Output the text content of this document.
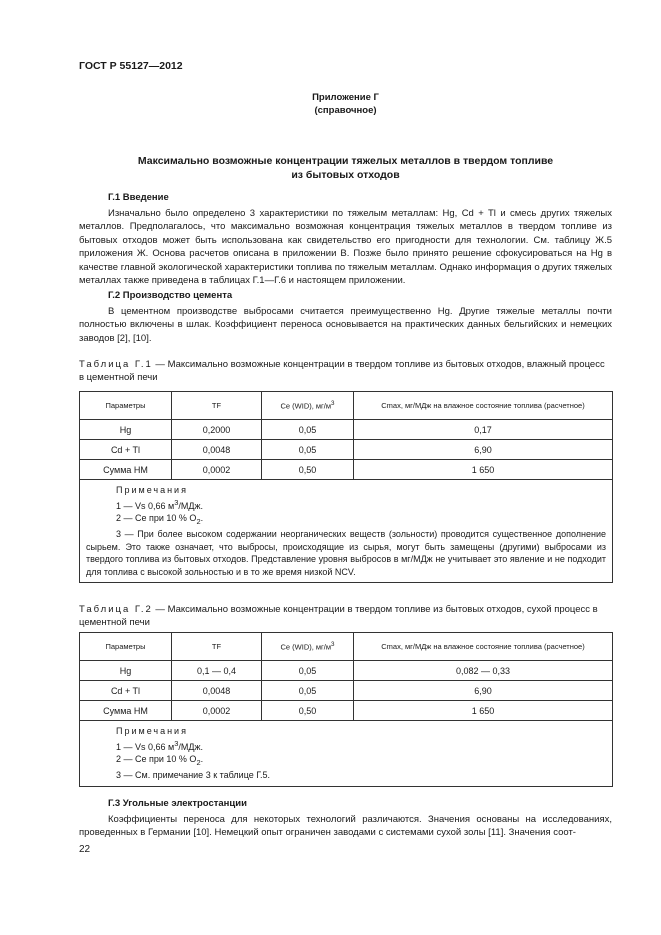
ГОСТ Р 55127—2012
Приложение Г
(справочное)
Максимально возможные концентрации тяжелых металлов в твердом топливе
из бытовых отходов
Г.1 Введение
Изначально было определено 3 характеристики по тяжелым металлам: Hg, Cd + Tl и смесь других тяжелых металлов. Предполагалось, что максимально возможная концентрация тяжелых металлов в твердом топливе из бытовых отходов может быть использована как свидетельство его пригодности для технологии. См. таблицу Ж.5 приложения Ж. Основа расчетов описана в приложении В. Позже было принято решение сфокусироваться на Hg в качестве главной экологической характеристики топлива по тяжелым металлам. Однако информация о других тяжелых металлах также приведена в таблицах Г.1—Г.6 и настоящем приложении.
Г.2 Производство цемента
В цементном производстве выбросами считается преимущественно Hg. Другие тяжелые металлы почти полностью включены в шлак. Коэффициент переноса основывается на практических данных бельгийских и немецких заводов [2], [10].
Таблица Г.1 — Максимально возможные концентрации в твердом топливе из бытовых отходов, влажный процесс в цементной печи
Параметры	TF	Ce (WID), $мг/м^3$	Cmax, мг/МДж на влажное состояние топлива (расчетное)
Hg	0,2000	0,05	0,17
Cd + Tl	0,0048	0,05	6,90
Сумма НМ	0,0002	0,50	1 650

Примечания
1 — Vs 0,66 $м^3$/МДж.
2 — Ce при 10 % $O_2$.
3 — При более высоком содержании неорганических веществ (зольности) проводится существенное дополнение сырьем. Это также означает, что выбросы, происходящие из сырья, могут быть замещены (другими) выбросами из твердого топлива из бытовых отходов. Представление уровня выбросов в мг/МДж не учитывает это явление и не подходит для топлива с высокой зольностью и в то же время низкой NCV.			
Таблица Г.2 — Максимально возможные концентрации в твердом топливе из бытовых отходов, сухой процесс в цементной печи
Параметры	TF	Ce (WID), $мг/м^3$	Cmax, мг/МДж на влажное состояние топлива (расчетное)
Hg	0,1 — 0,4	0,05	0,082 — 0,33
Cd + Tl	0,0048	0,05	6,90
Сумма НМ	0,0002	0,50	1 650

Примечания
1 — Vs 0,66 $м^3$/МДж.
2 — Ce при 10 % $O_2$.
3 — См. примечание 3 к таблице Г.5.			
Г.3 Угольные электростанции
Коэффициенты переноса для некоторых технологий различаются. Значения основаны на исследованиях, проведенных в Германии [10]. Немецкий опыт ограничен заводами с системами сухой золы [11]. Значения соот-
22
